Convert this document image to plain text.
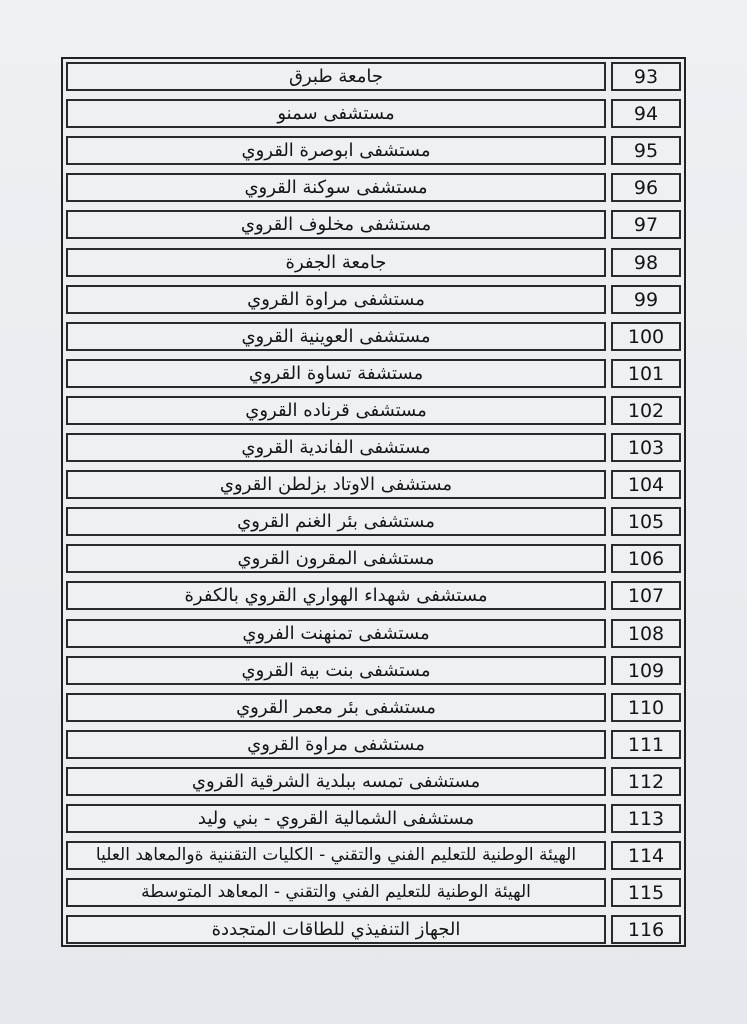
جامعة طبرق	93
مستشفى سمنو	94
مستشفى ابوصرة القروي	95
مستشفى سوكنة القروي	96
مستشفى مخلوف القروي	97
جامعة الجفرة	98
مستشفى مراوة القروي	99
مستشفى العوينية القروي	100
مستشفة تساوة القروي	101
مستشفى قرناده القروي	102
مستشفى الفاندية القروي	103
مستشفى الاوتاد بزلطن القروي	104
مستشفى بئر الغنم القروي	105
مستشفى المقرون القروي	106
مستشفى شهداء الهواري القروي بالكفرة	107
مستشفى تمنهنت الفروي	108
مستشفى بنت بية القروي	109
مستشفى بئر معمر القروي	110
مستشفى مراوة القروي	111
مستشفى تمسه ببلدية الشرقية القروي	112
مستشفى الشمالية القروي - بني وليد	113
الهيئة الوطنية للتعليم الفني والتقني - الكليات التقننية ةوالمعاهد العليا	114
الهيئة الوطنية للتعليم الفني والتقني - المعاهد المتوسطة	115
الجهاز التنفيذي للطاقات المتجددة	116
